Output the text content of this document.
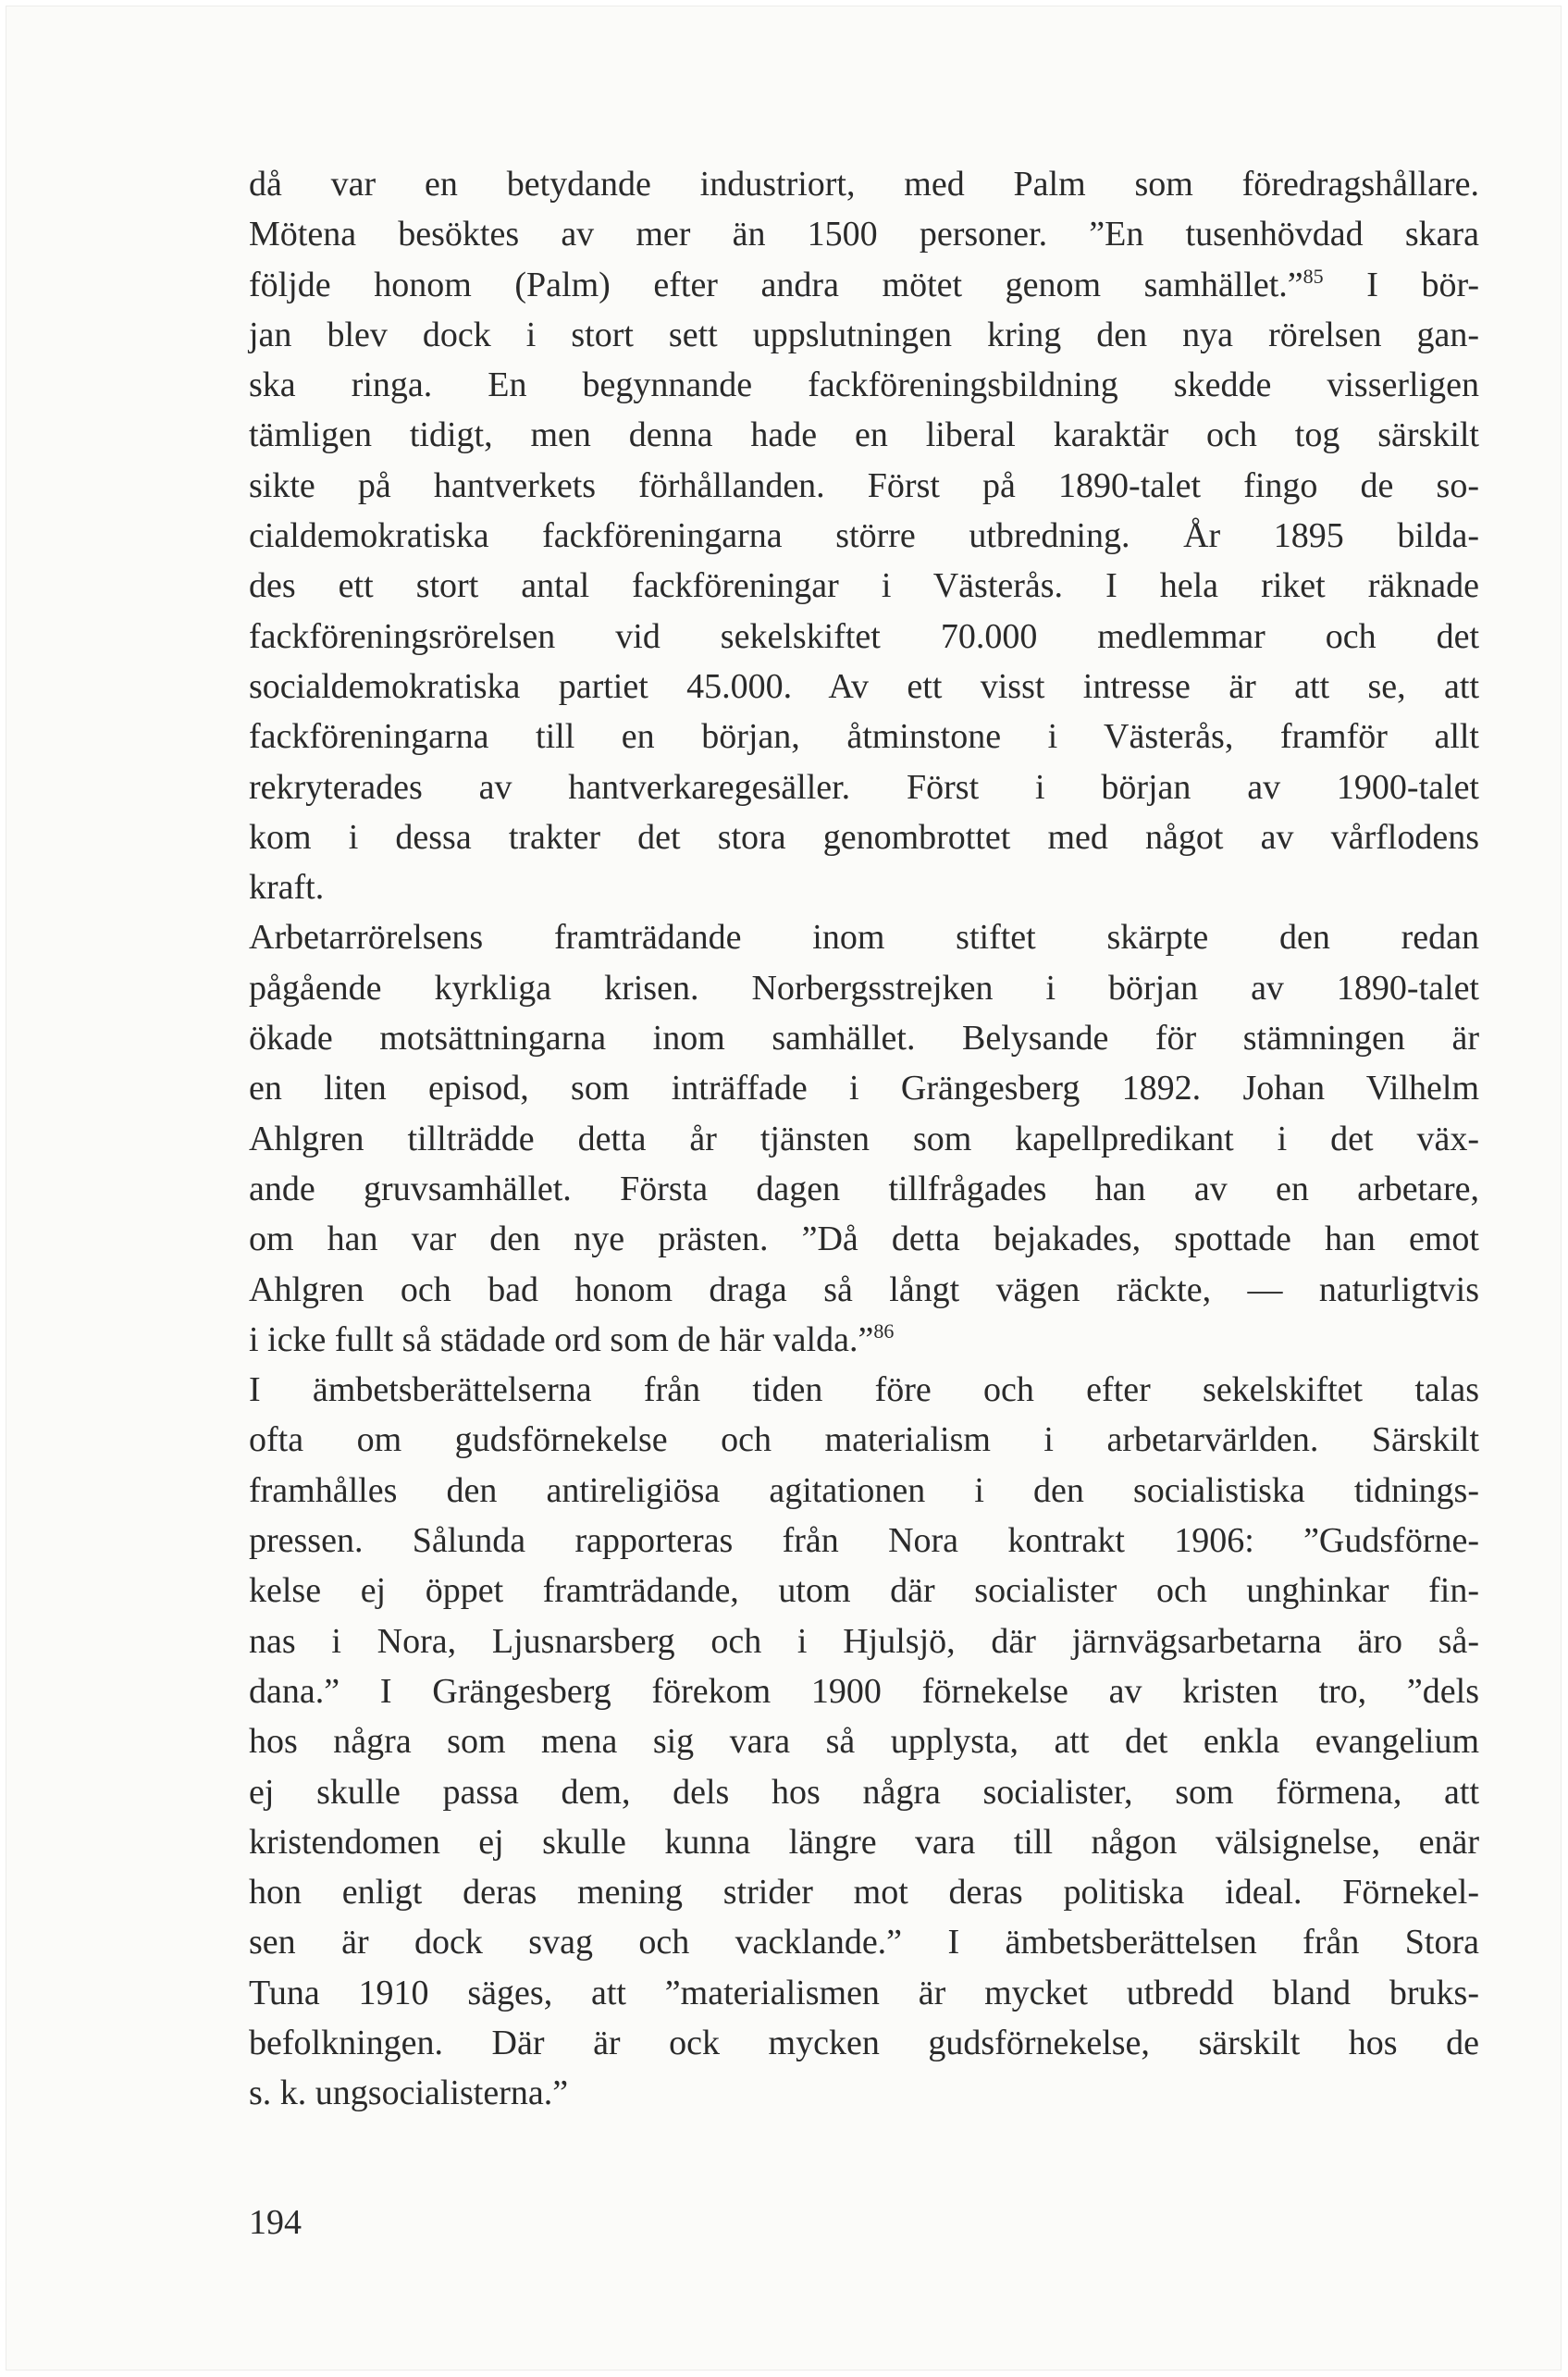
då var en betydande industriort, med Palm som föredragshållare.
Mötena besöktes av mer än 1500 personer. ”En tusenhövdad skara
följde honom (Palm) efter andra mötet genom samhället.”$^{85}$ I bör-
jan blev dock i stort sett uppslutningen kring den nya rörelsen gan-
ska ringa. En begynnande fackföreningsbildning skedde visserligen
tämligen tidigt, men denna hade en liberal karaktär och tog särskilt
sikte på hantverkets förhållanden. Först på 1890-talet fingo de so-
cialdemokratiska fackföreningarna större utbredning. År 1895 bilda-
des ett stort antal fackföreningar i Västerås. I hela riket räknade
fackföreningsrörelsen vid sekelskiftet 70.000 medlemmar och det
socialdemokratiska partiet 45.000. Av ett visst intresse är att se, att
fackföreningarna till en början, åtminstone i Västerås, framför allt
rekryterades av hantverkaregesäller. Först i början av 1900-talet
kom i dessa trakter det stora genombrottet med något av vårflodens
kraft.
Arbetarrörelsens framträdande inom stiftet skärpte den redan
pågående kyrkliga krisen. Norbergsstrejken i början av 1890-talet
ökade motsättningarna inom samhället. Belysande för stämningen är
en liten episod, som inträffade i Grängesberg 1892. Johan Vilhelm
Ahlgren tillträdde detta år tjänsten som kapellpredikant i det väx-
ande gruvsamhället. Första dagen tillfrågades han av en arbetare,
om han var den nye prästen. ”Då detta bejakades, spottade han emot
Ahlgren och bad honom draga så långt vägen räckte, — naturligtvis
i icke fullt så städade ord som de här valda.”$^{86}$
I ämbetsberättelserna från tiden före och efter sekelskiftet talas
ofta om gudsförnekelse och materialism i arbetarvärlden. Särskilt
framhålles den antireligiösa agitationen i den socialistiska tidnings-
pressen. Sålunda rapporteras från Nora kontrakt 1906: ”Gudsförne-
kelse ej öppet framträdande, utom där socialister och unghinkar fin-
nas i Nora, Ljusnarsberg och i Hjulsjö, där järnvägsarbetarna äro så-
dana.” I Grängesberg förekom 1900 förnekelse av kristen tro, ”dels
hos några som mena sig vara så upplysta, att det enkla evangelium
ej skulle passa dem, dels hos några socialister, som förmena, att
kristendomen ej skulle kunna längre vara till någon välsignelse, enär
hon enligt deras mening strider mot deras politiska ideal. Förnekel-
sen är dock svag och vacklande.” I ämbetsberättelsen från Stora
Tuna 1910 säges, att ”materialismen är mycket utbredd bland bruks-
befolkningen. Där är ock mycken gudsförnekelse, särskilt hos de
s. k. ungsocialisterna.”
194
